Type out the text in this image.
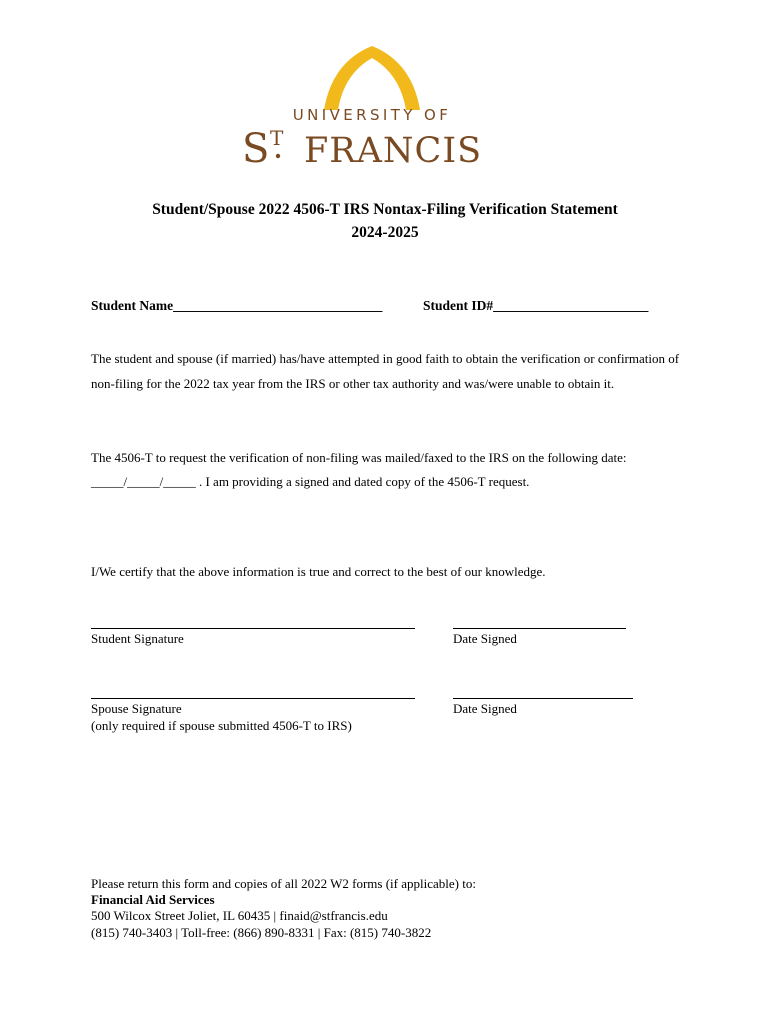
UNIVERSITY OF
S T FRANCIS
Student/Spouse 2022 4506-T IRS Nontax-Filing Verification Statement
2024-2025
Student Name_______________________________	Student ID#_______________________
The student and spouse (if married) has/have attempted in good faith to obtain the verification or confirmation of non-filing for the 2022 tax year from the IRS or other tax authority and was/were unable to obtain it.
The 4506-T to request the verification of non-filing was mailed/faxed to the IRS on the following date:
_____/_____/_____ . I am providing a signed and dated copy of the 4506-T request.
I/We certify that the above information is true and correct to the best of our knowledge.
Student Signature	Date Signed
Spouse Signature
(only required if spouse submitted 4506-T to IRS)
Date Signed
Please return this form and copies of all 2022 W2 forms (if applicable) to:
Financial Aid Services
500 Wilcox Street Joliet, IL 60435 | finaid@stfrancis.edu
(815) 740-3403 | Toll-free: (866) 890-8331 | Fax: (815) 740-3822
